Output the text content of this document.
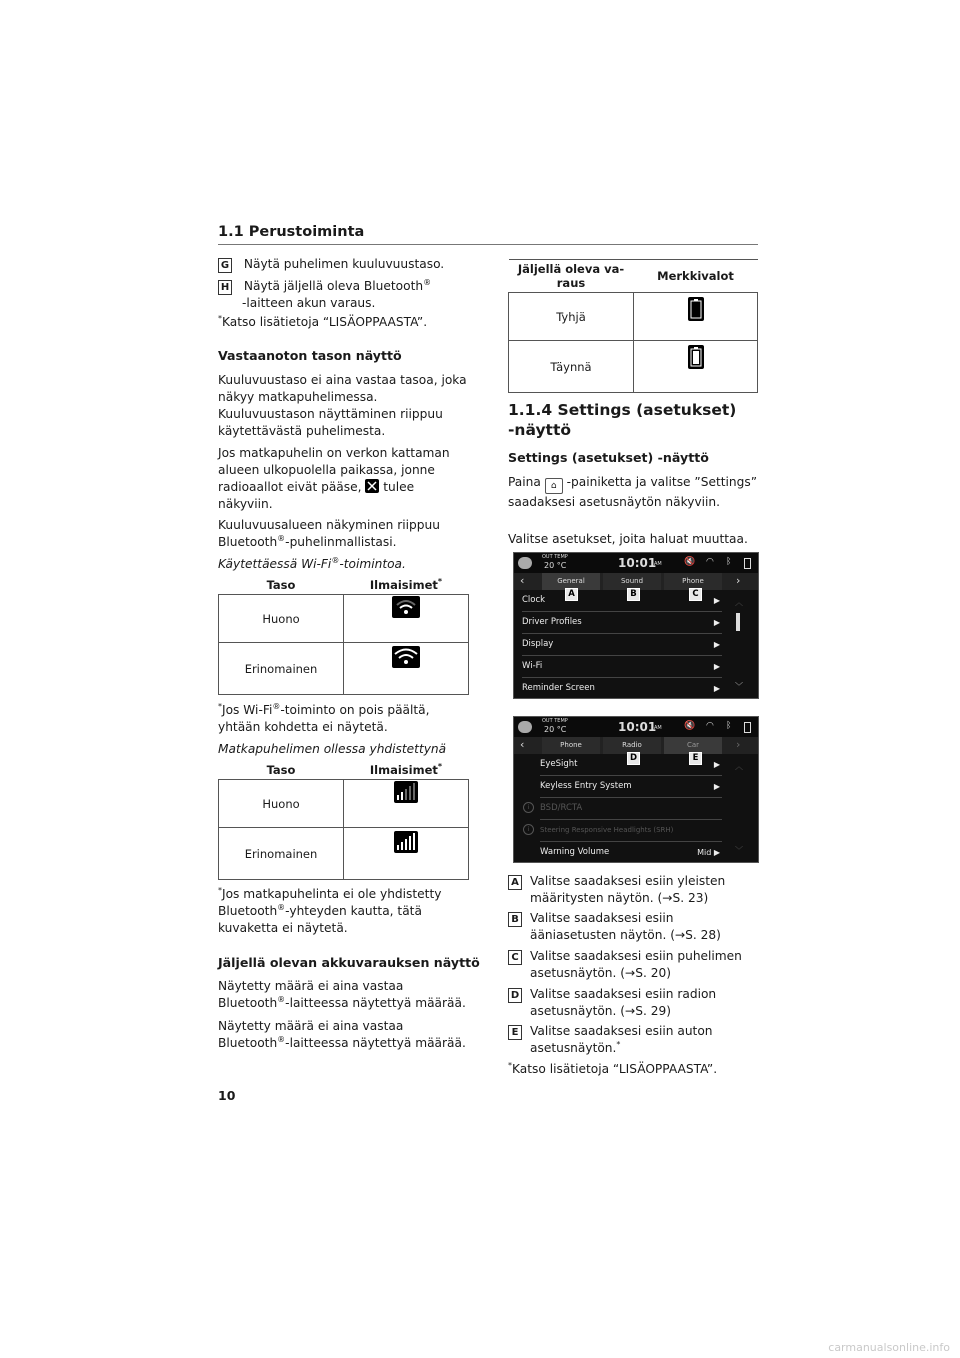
1.1 Perustoiminta
G Näytä puhelimen kuuluvuustaso.
H Näytä jäljellä oleva Bluetooth®
-laitteen akun varaus.
*Katso lisätietoja “LISÄOPPAASTA”.
Vastaanoton tason näyttö
Kuuluvuustaso ei aina vastaa tasoa, joka näkyy matkapuhelimessa. Kuuluvuustason näyttäminen riippuu käytettävästä puhelimesta.
Jos matkapuhelin on verkon kattaman alueen ulkopuolella paikassa, jonne radioaallot eivät pääse, tulee näkyviin.
Kuuluvuusalueen näkyminen riippuu Bluetooth®-puhelinmallistasi.
Käytettäessä Wi-Fi®-toimintoa.
Taso	Ilmaisimet*
Huono	
Erinomainen	
*Jos Wi-Fi®-toiminto on pois päältä, yhtään kohdetta ei näytetä.
Matkapuhelimen ollessa yhdistettynä
Taso	Ilmaisimet*
Huono	
Erinomainen	
*Jos matkapuhelinta ei ole yhdistetty Bluetooth®-yhteyden kautta, tätä kuvaketta ei näytetä.
Jäljellä olevan akkuvarauksen näyttö
Näytetty määrä ei aina vastaa Bluetooth®-laitteessa näytettyä määrää.
Näytetty määrä ei aina vastaa Bluetooth®-laitteessa näytettyä määrää.
Jäljellä oleva va-
raus	Merkkivalot
Tyhjä	
Täynnä	
1.1.4 Settings (asetukset)
-näyttö
Settings (asetukset) -näyttö
Paina ⌂ -painiketta ja valitse ”Settings” saadaksesi asetusnäytön näkyviin.
Valitse asetukset, joita haluat muuttaa.
OUT TEMP
20 °C	10:01
AM 🔇 ◠ ᛒ
‹	General	Sound	Phone	›
Clock	▶
Driver Profiles	▶
Display	▶
Wi-Fi	▶
Reminder Screen	▶
︿
﹀
A	B	C
OUT TEMP
20 °C	10:01
AM 🔇 ◠ ᛒ
‹	Phone	Radio	Car	›
EyeSight	▶
Keyless Entry System	▶
BSD/RCTA
i
Steering Responsive Headlights (SRH)
i
Warning Volume	Mid ▶
︿
﹀
D	E
A Valitse saadaksesi esiin yleisten määritysten näytön. (→S. 23)
B Valitse saadaksesi esiin ääniasetusten näytön. (→S. 28)
C Valitse saadaksesi esiin puhelimen asetusnäytön. (→S. 20)
D Valitse saadaksesi esiin radion asetusnäytön. (→S. 29)
E Valitse saadaksesi esiin auton asetusnäytön.*
*Katso lisätietoja “LISÄOPPAASTA”.
10
carmanualsonline.info
